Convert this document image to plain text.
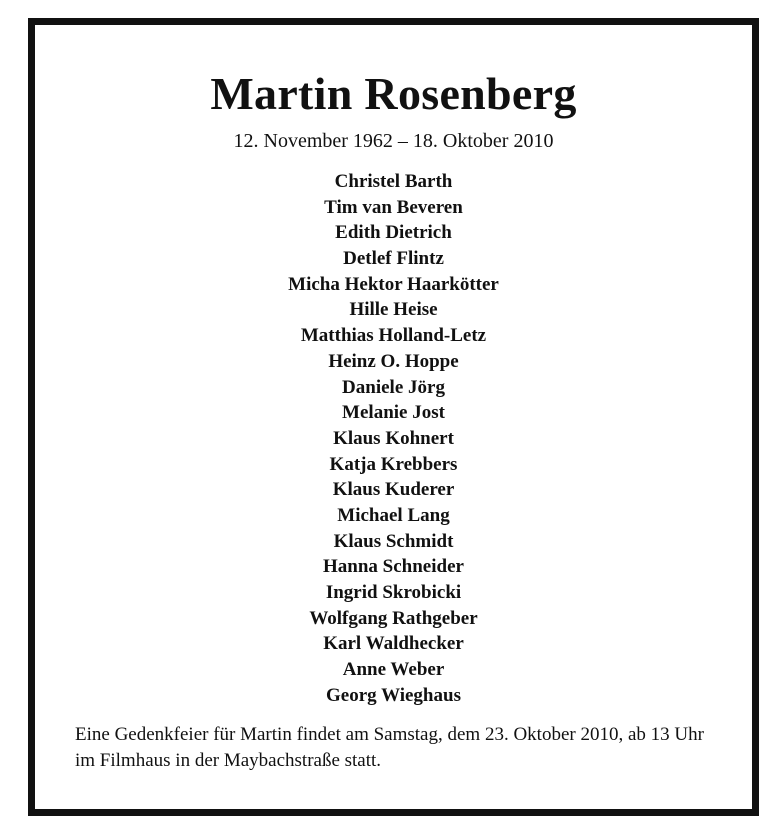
Martin Rosenberg
12. November 1962 – 18. Oktober 2010
Christel Barth
Tim van Beveren
Edith Dietrich
Detlef Flintz
Micha Hektor Haarkötter
Hille Heise
Matthias Holland-Letz
Heinz O. Hoppe
Daniele Jörg
Melanie Jost
Klaus Kohnert
Katja Krebbers
Klaus Kuderer
Michael Lang
Klaus Schmidt
Hanna Schneider
Ingrid Skrobicki
Wolfgang Rathgeber
Karl Waldhecker
Anne Weber
Georg Wieghaus
Eine Gedenkfeier für Martin findet am Samstag, dem 23. Oktober 2010, ab 13 Uhr im Filmhaus in der Maybachstraße statt.
